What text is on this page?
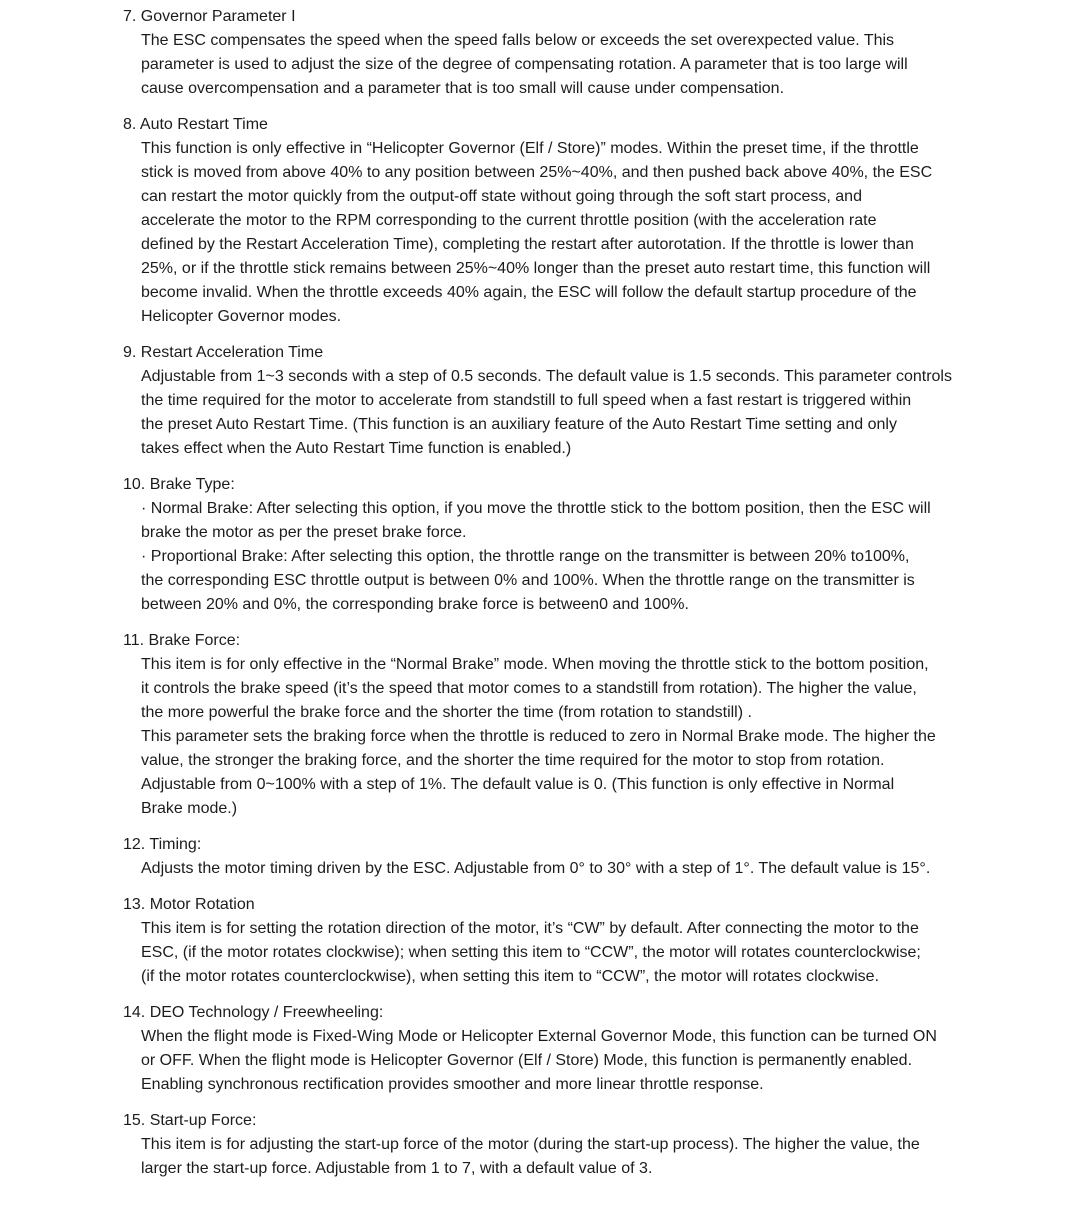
7. Governor Parameter I
The ESC compensates the speed when the speed falls below or exceeds the set overexpected value. This
parameter is used to adjust the size of the degree of compensating rotation. A parameter that is too large will
cause overcompensation and a parameter that is too small will cause under compensation.
8. Auto Restart Time
This function is only effective in “Helicopter Governor (Elf / Store)” modes. Within the preset time, if the throttle
stick is moved from above 40% to any position between 25%~40%, and then pushed back above 40%, the ESC
can restart the motor quickly from the output-off state without going through the soft start process, and
accelerate the motor to the RPM corresponding to the current throttle position (with the acceleration rate
defined by the Restart Acceleration Time), completing the restart after autorotation. If the throttle is lower than
25%, or if the throttle stick remains between 25%~40% longer than the preset auto restart time, this function will
become invalid. When the throttle exceeds 40% again, the ESC will follow the default startup procedure of the
Helicopter Governor modes.
9. Restart Acceleration Time
Adjustable from 1~3 seconds with a step of 0.5 seconds. The default value is 1.5 seconds. This parameter controls
the time required for the motor to accelerate from standstill to full speed when a fast restart is triggered within
the preset Auto Restart Time. (This function is an auxiliary feature of the Auto Restart Time setting and only
takes effect when the Auto Restart Time function is enabled.)
10. Brake Type:
· Normal Brake: After selecting this option, if you move the throttle stick to the bottom position, then the ESC will
brake the motor as per the preset brake force.
· Proportional Brake: After selecting this option, the throttle range on the transmitter is between 20% to100%,
the corresponding ESC throttle output is between 0% and 100%. When the throttle range on the transmitter is
between 20% and 0%, the corresponding brake force is between0 and 100%.
11. Brake Force:
This item is for only effective in the “Normal Brake” mode. When moving the throttle stick to the bottom position,
it controls the brake speed (it’s the speed that motor comes to a standstill from rotation). The higher the value,
the more powerful the brake force and the shorter the time (from rotation to standstill) .
This parameter sets the braking force when the throttle is reduced to zero in Normal Brake mode. The higher the
value, the stronger the braking force, and the shorter the time required for the motor to stop from rotation.
Adjustable from 0~100% with a step of 1%. The default value is 0. (This function is only effective in Normal
Brake mode.)
12. Timing:
Adjusts the motor timing driven by the ESC. Adjustable from 0° to 30° with a step of 1°. The default value is 15°.
13. Motor Rotation
This item is for setting the rotation direction of the motor, it’s “CW” by default. After connecting the motor to the
ESC, (if the motor rotates clockwise); when setting this item to “CCW”, the motor will rotates counterclockwise;
(if the motor rotates counterclockwise), when setting this item to “CCW”, the motor will rotates clockwise.
14. DEO Technology / Freewheeling:
When the flight mode is Fixed-Wing Mode or Helicopter External Governor Mode, this function can be turned ON
or OFF. When the flight mode is Helicopter Governor (Elf / Store) Mode, this function is permanently enabled.
Enabling synchronous rectification provides smoother and more linear throttle response.
15. Start-up Force:
This item is for adjusting the start-up force of the motor (during the start-up process). The higher the value, the
larger the start-up force. Adjustable from 1 to 7, with a default value of 3.
